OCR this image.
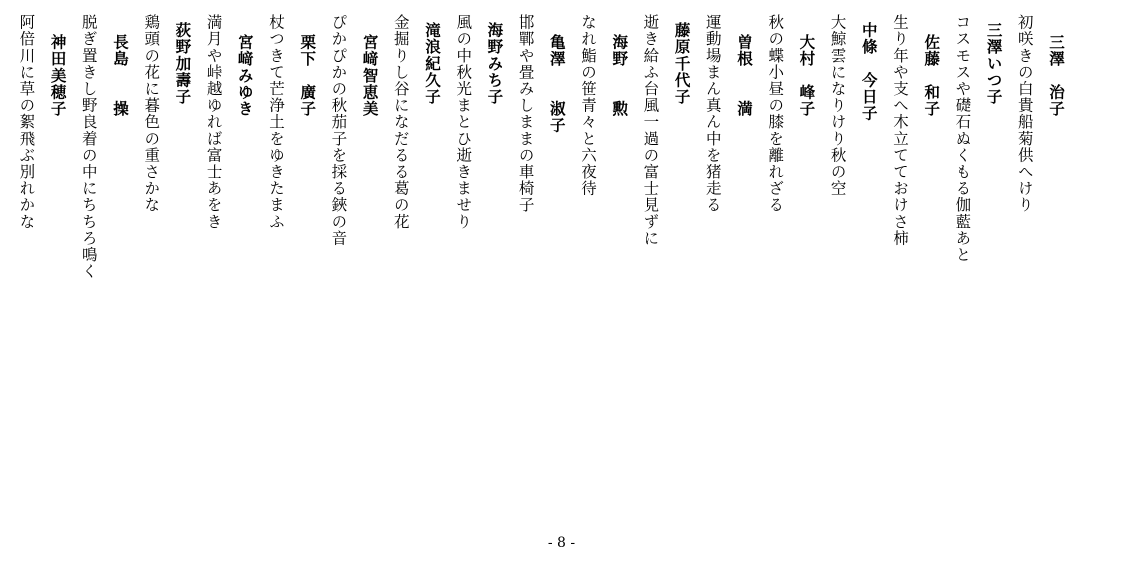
- 8 -
三澤　治子
初咲きの白貴船菊供へけり
三澤いつ子
コスモスや礎石ぬくもる伽藍あと
佐藤　和子
生り年や支へ木立てておけさ柿
中條　今日子
大鯨雲になりけり秋の空
大村　峰子
秋の蝶小昼の膝を離れざる
曽根　　満
運動場まん真ん中を猪走る
藤原千代子
逝き給ふ台風一過の富士見ずに
海野　　勲
なれ鮨の笹青々と六夜待
亀澤　　淑子
邯鄲や畳みしままの車椅子
海野みち子
風の中秋光まとひ逝きませり
滝浪紀久子
金掘りし谷になだるる葛の花
宮﨑智恵美
ぴかぴかの秋茄子を採る鋏の音
栗下　廣子
杖つきて芒浄土をゆきたまふ
宮﨑みゆき
満月や峠越ゆれば富士あをき
荻野加壽子
鶏頭の花に暮色の重さかな
長島　　操
脱ぎ置きし野良着の中にちちろ鳴く
神田美穂子
阿倍川に草の絮飛ぶ別れかな
